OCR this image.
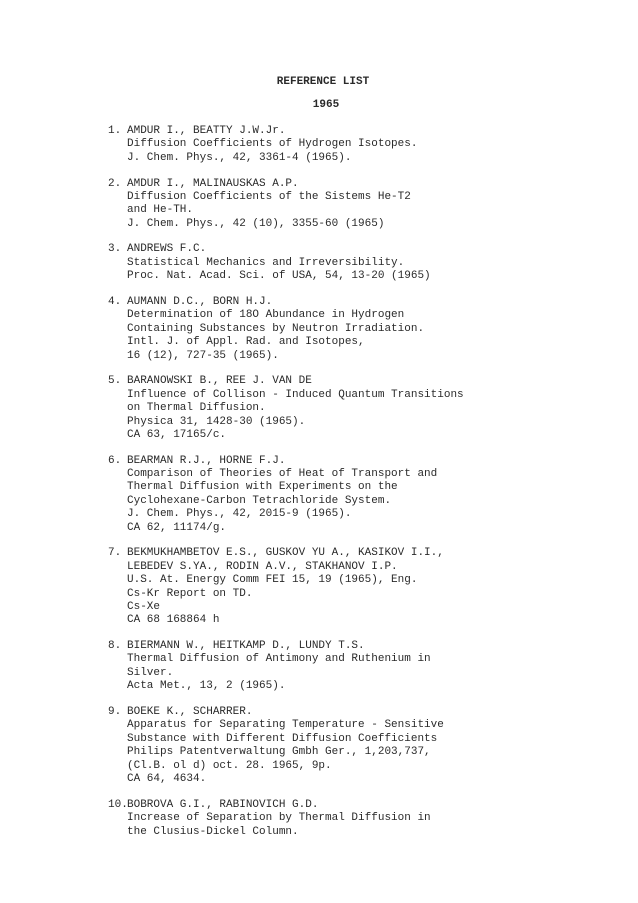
REFERENCE LIST
1965
1. AMDUR I., BEATTY J.W.Jr.
Diffusion Coefficients of Hydrogen Isotopes.
J. Chem. Phys., 42, 3361-4 (1965).
2. AMDUR I., MALINAUSKAS A.P.
Diffusion Coefficients of the Sistems He-T2
and He-TH.
J. Chem. Phys., 42 (10), 3355-60 (1965)
3. ANDREWS F.C.
Statistical Mechanics and Irreversibility.
Proc. Nat. Acad. Sci. of USA, 54, 13-20 (1965)
4. AUMANN D.C., BORN H.J.
Determination of 18O Abundance in Hydrogen
Containing Substances by Neutron Irradiation.
Intl. J. of Appl. Rad. and Isotopes,
16 (12), 727-35 (1965).
5. BARANOWSKI B., REE J. VAN DE
Influence of Collison - Induced Quantum Transitions
on Thermal Diffusion.
Physica 31, 1428-30 (1965).
CA 63, 17165/c.
6. BEARMAN R.J., HORNE F.J.
Comparison of Theories of Heat of Transport and
Thermal Diffusion with Experiments on the
Cyclohexane-Carbon Tetrachloride System.
J. Chem. Phys., 42, 2015-9 (1965).
CA 62, 11174/g.
7. BEKMUKHAMBETOV E.S., GUSKOV YU A., KASIKOV I.I.,
LEBEDEV S.YA., RODIN A.V., STAKHANOV I.P.
U.S. At. Energy Comm FEI 15, 19 (1965), Eng.
Cs-Kr Report on TD.
Cs-Xe
CA 68 168864 h
8. BIERMANN W., HEITKAMP D., LUNDY T.S.
Thermal Diffusion of Antimony and Ruthenium in
Silver.
Acta Met., 13, 2 (1965).
9. BOEKE K., SCHARRER.
Apparatus for Separating Temperature - Sensitive
Substance with Different Diffusion Coefficients
Philips Patentverwaltung Gmbh Ger., 1,203,737,
(Cl.B. ol d) oct. 28. 1965, 9p.
CA 64, 4634.
10. BOBROVA G.I., RABINOVICH G.D.
Increase of Separation by Thermal Diffusion in
the Clusius-Dickel Column.
